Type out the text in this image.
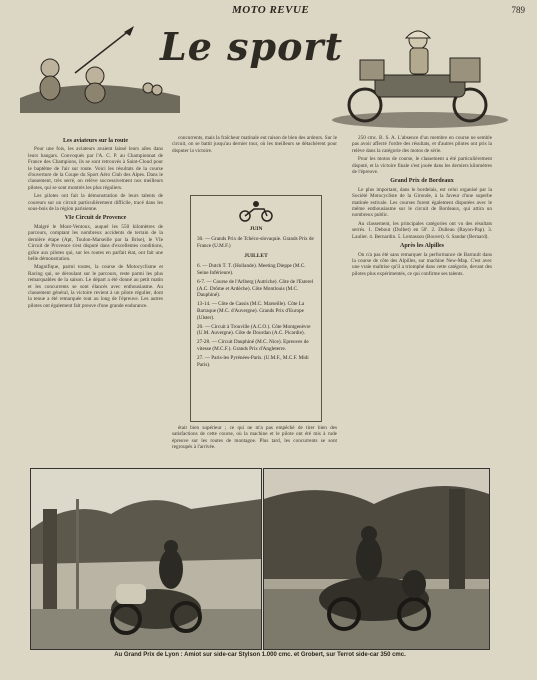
MOTO REVUE	789
Le sport
Les aviateurs sur la route

Pour une fois, les aviateurs avaient laissé leurs ailes dans leurs hangars. Convoqués par l'A. C. P. au Championnat de France des Champions, ils se sont retrouvés à Saint-Cloud pour le baptême de l'air sur route. Voici les résultats de la course d'ouverture de la Coupe du Sport Aéro Club des Alpes. Dans le classement, très serré, on relève successivement nos meilleurs pilotes, qui se sont montrés les plus réguliers.

Les pilotes ont fait la démonstration de leurs talents de coureurs sur un circuit particulièrement difficile, tracé dans les sous-bois de la région parisienne.

VIe Circuit de Provence

Malgré le Mont-Ventoux, auquel les 550 kilomètres de parcours, comptant les nombreux accidents de terrain de la dernière étape (Apt, Toulon-Marseille par la Brise), le VIe Circuit de Provence s'est disputé dans d'excellentes conditions, grâce aux pilotes qui, sur les routes en parfait état, ont fait une belle démonstration.

Magnifique, parmi toutes, la course de Motocyclisme et Racing qui, se déroulant sur le parcours, reste parmi les plus remarquables de la saison. Le départ a été donné au petit matin et les concurrents se sont élancés avec enthousiasme. Au classement général, la victoire revient à un pilote régulier, dont la tenue a été remarquée tout au long de l'épreuve. Les autres pilotes ont également fait preuve d'une grande endurance.

concurrents, mais la fraîcheur matinale eut raison de bien des ardeurs. Sur le circuit, on se battit jusqu'au dernier tour, où les meilleurs se détachèrent pour disputer la victoire.

JUIN
30. — Grands Prix de Tchéco-slovaquie. Grands Prix de France (U.M.F.)
JUILLET
6. — Dutch T. T. (Hollande). Meeting Dieppe (M.C. Seine Inférieure).
6-7. — Course de l'Arlberg (Autriche). Côte de l'Esterel (A.C. Drôme et Ardèche). Côte Montlouis (M.C. Dauphiné).
13-14. — Côte de Cassis (M.C. Marseille). Côte La Barraque (M.C. d'Auvergne). Grands Prix d'Europe (Ulster).
20. — Circuit à Trouville (A.C.O.). Côte Montgenèvre (U.M. Auvergne). Côte de Dourdan (A.C. Picardie).
27-28. — Circuit Dauphiné (M.C. Nice). Epreuves de vitesse (M.C.F.). Grands Prix d'Angleterre.
27. — Paris-les Pyrénées-Paris. (U.M.F., M.C.F. Midi Paris).

était bien supérieur ; ce qui ne m'a pas empêché de tirer bien des satisfactions de cette course, où la machine et le pilote ont été mis à rude épreuve sur les routes de montagne. Plus tard, les concurrents se sont regroupés à l'arrivée.

250 cmc. B. S. A. L'absence d'un membre en course ne semble pas avoir affecté l'ordre des résultats, et d'autres pilotes ont pris la relève dans la catégorie des motos de série.

Pour les motos de course, le classement a été particulièrement disputé, et la victoire finale s'est jouée dans les derniers kilomètres de l'épreuve.

Grand Prix de Bordeaux

Le plus important, dans le bordelais, est celui organisé par la Société Motocycliste de la Gironde, à la faveur d'une superbe matinée estivale. Les courses furent également disputées avec le même enthousiasme sur le circuit de Bordeaux, qui attira un nombreux public.

Au classement, les principales catégories ont vu des résultats serrés. 1. Debout (Dolbet) en 50'. 2. Dulleau (Rayon-Pap). 3. Laulier. 4. Bernardin. 5. Lemasson (Bouvet). 6. Sandar (Bernard).

Après les Alpilles

On n'a pas été sans remarquer la performance de Barrault dans la course de côte des Alpilles, sur machine New-Map. C'est avec une vraie maîtrise qu'il a triomphé dans cette catégorie, devant des pilotes plus expérimentés, ce qui confirme ses talents.

Au Grand Prix de Lyon : Amiot sur side-car Stylson 1.000 cmc. et Grobert, sur Terrot side-car 350 cmc.
